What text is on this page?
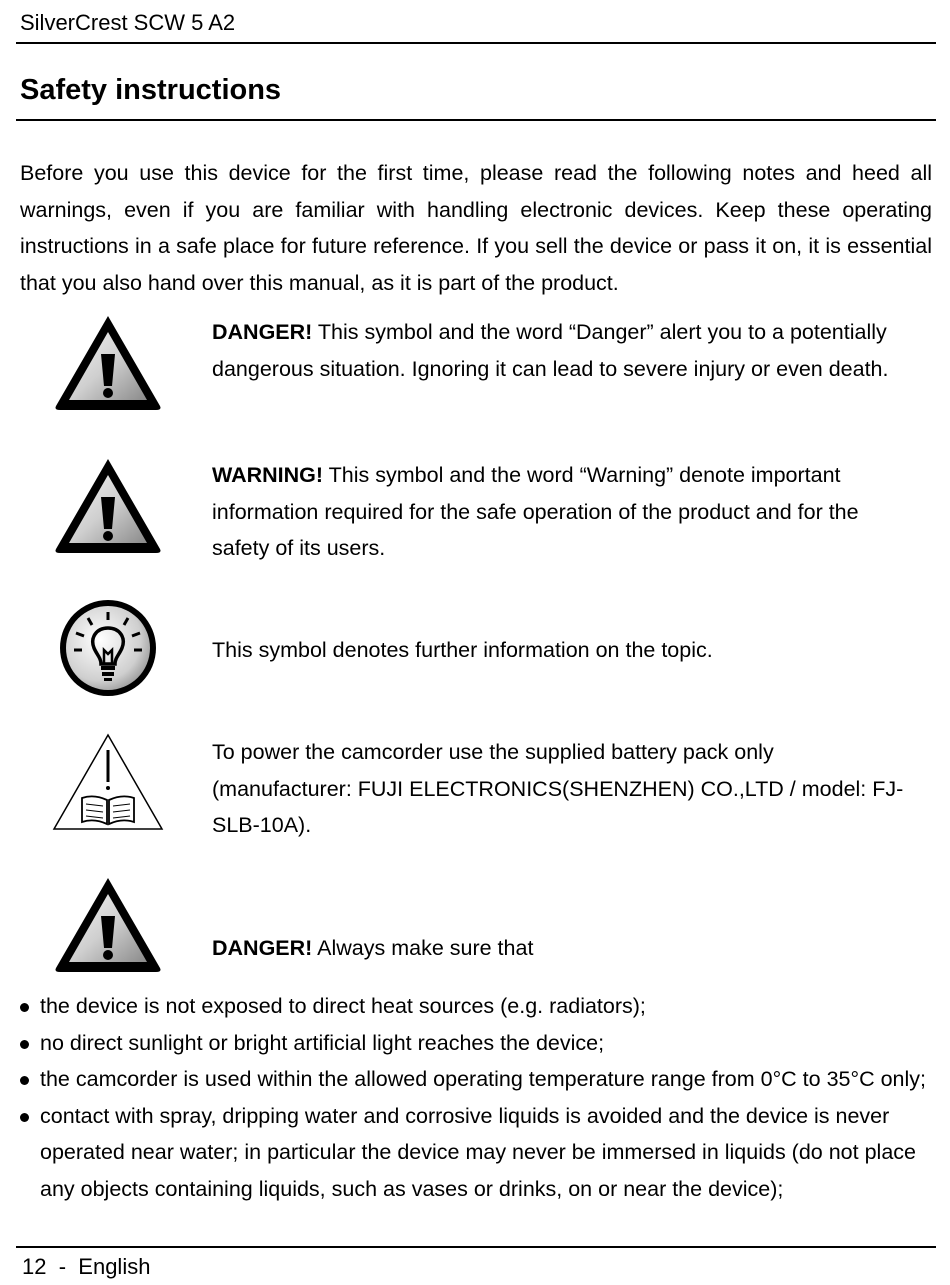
SilverCrest SCW 5 A2
Safety instructions
Before you use this device for the first time, please read the following notes and heed all warnings, even if you are familiar with handling electronic devices. Keep these operating instructions in a safe place for future reference. If you sell the device or pass it on, it is essential that you also hand over this manual, as it is part of the product.
DANGER! This symbol and the word “Danger” alert you to a potentially dangerous situation. Ignoring it can lead to severe injury or even death.
WARNING! This symbol and the word “Warning” denote important information required for the safe operation of the product and for the safety of its users.
This symbol denotes further information on the topic.
To power the camcorder use the supplied battery pack only (manufacturer: FUJI ELECTRONICS(SHENZHEN) CO.,LTD / model: FJ-SLB-10A).
DANGER! Always make sure that
the device is not exposed to direct heat sources (e.g. radiators);
no direct sunlight or bright artificial light reaches the device;
the camcorder is used within the allowed operating temperature range from 0°C to 35°C only;
contact with spray, dripping water and corrosive liquids is avoided and the device is never operated near water; in particular the device may never be immersed in liquids (do not place any objects containing liquids, such as vases or drinks, on or near the device);
12 - English
